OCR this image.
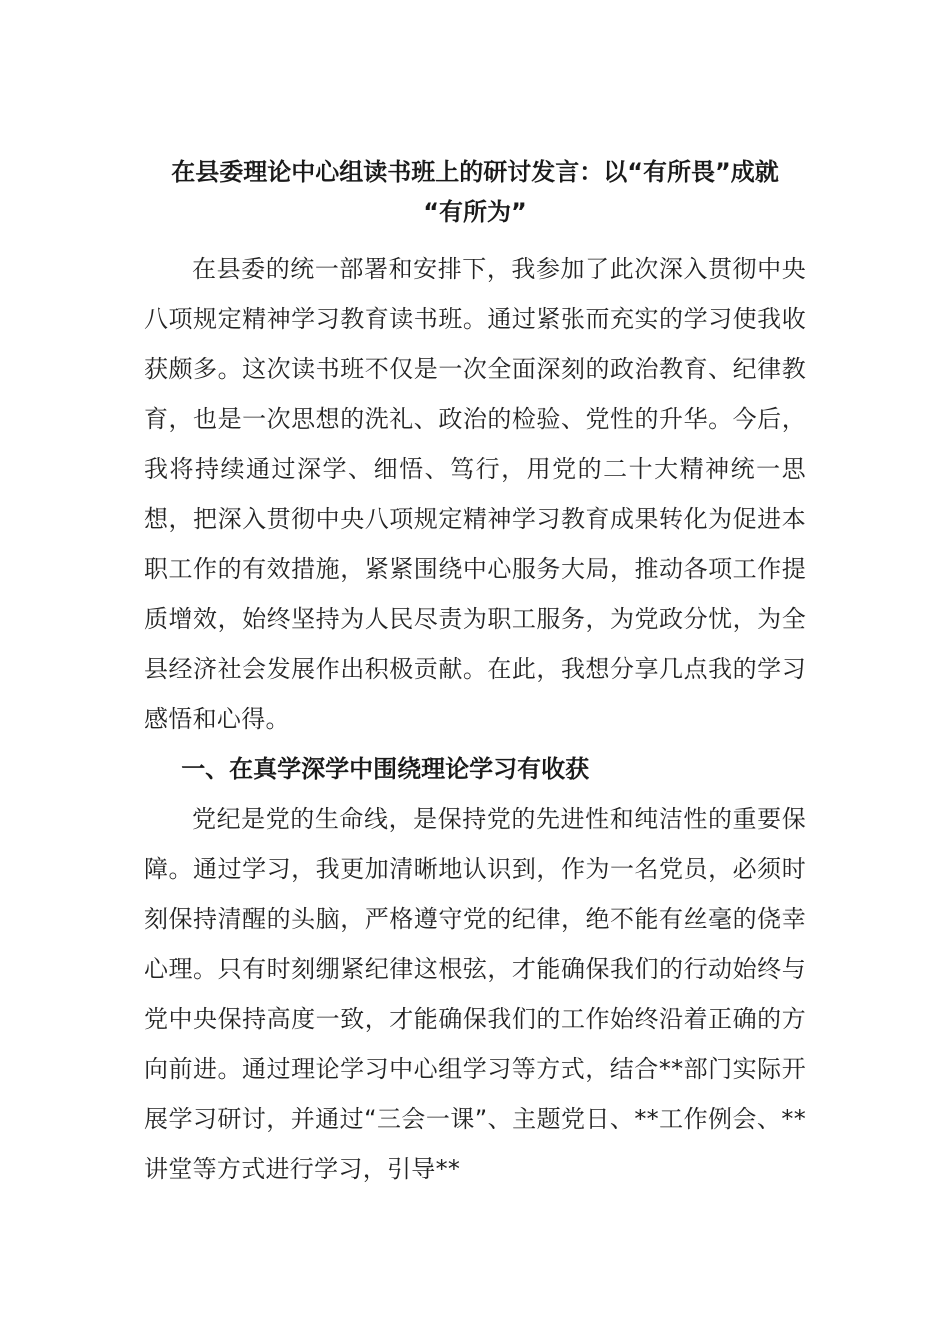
在县委理论中心组读书班上的研讨发言：以“有所畏”成就
“有所为”

在县委的统一部署和安排下，我参加了此次深入贯彻中央八项规定精神学习教育读书班。通过紧张而充实的学习使我收获颇多。这次读书班不仅是一次全面深刻的政治教育、纪律教育，也是一次思想的洗礼、政治的检验、党性的升华。今后，我将持续通过深学、细悟、笃行，用党的二十大精神统一思想，把深入贯彻中央八项规定精神学习教育成果转化为促进本职工作的有效措施，紧紧围绕中心服务大局，推动各项工作提质增效，始终坚持为人民尽责为职工服务，为党政分忧，为全县经济社会发展作出积极贡献。在此，我想分享几点我的学习感悟和心得。

一、在真学深学中围绕理论学习有收获

党纪是党的生命线，是保持党的先进性和纯洁性的重要保障。通过学习，我更加清晰地认识到，作为一名党员，必须时刻保持清醒的头脑，严格遵守党的纪律，绝不能有丝毫的侥幸心理。只有时刻绷紧纪律这根弦，才能确保我们的行动始终与党中央保持高度一致，才能确保我们的工作始终沿着正确的方向前进。通过理论学习中心组学习等方式，结合**部门实际开展学习研讨，并通过“三会一课”、主题党日、**工作例会、**讲堂等方式进行学习，引导**
